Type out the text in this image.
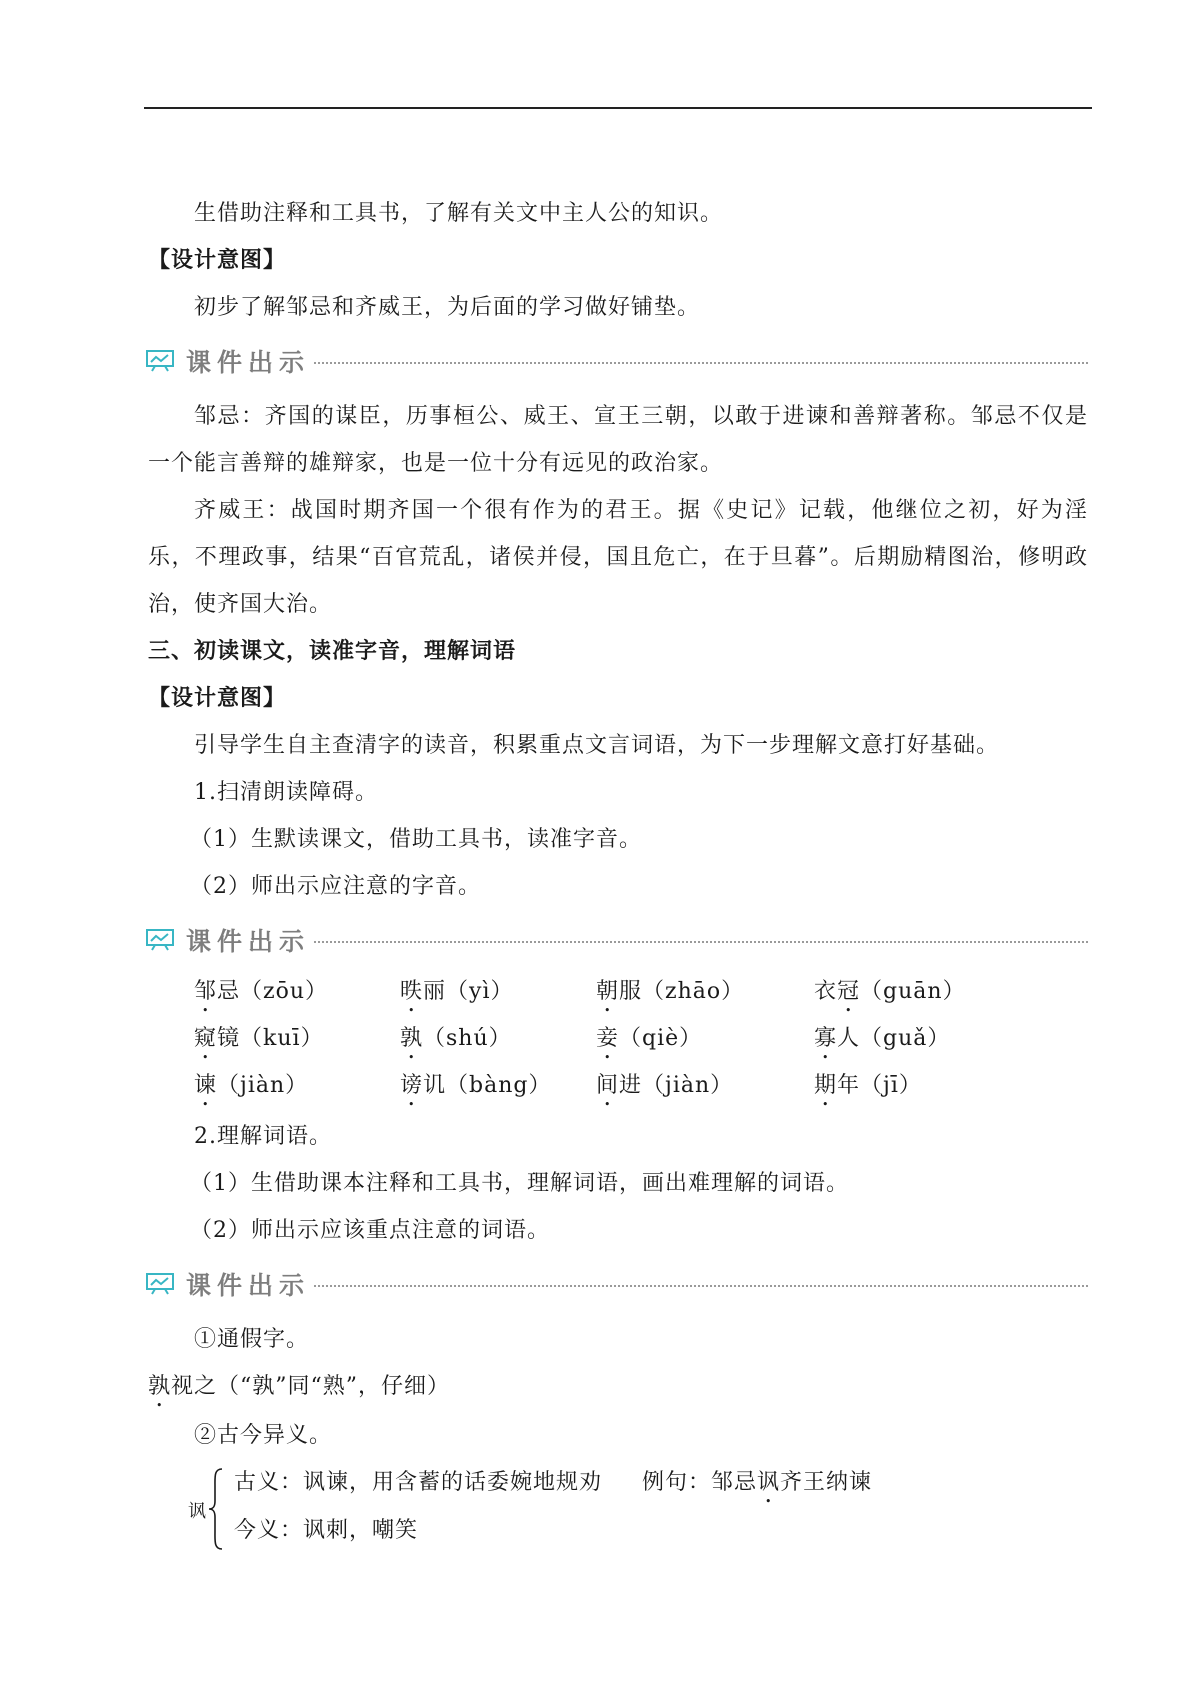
生借助注释和工具书，了解有关文中主人公的知识。

【设计意图】

初步了解邹忌和齐威王，为后面的学习做好铺垫。

课件出示

邹忌：齐国的谋臣，历事桓公、威王、宣王三朝，以敢于进谏和善辩著称。邹忌不仅是一个能言善辩的雄辩家，也是一位十分有远见的政治家。

齐威王：战国时期齐国一个很有作为的君王。据《史记》记载，他继位之初，好为淫乐，不理政事，结果“百官荒乱，诸侯并侵，国且危亡，在于旦暮”。后期励精图治，修明政治，使齐国大治。

三、初读课文，读准字音，理解词语

【设计意图】

引导学生自主查清字的读音，积累重点文言词语，为下一步理解文意打好基础。

1.扫清朗读障碍。

（1）生默读课文，借助工具书，读准字音。

（2）师出示应注意的字音。

课件出示
邹忌（zōu）	昳丽（yì）	朝服（zhāo）	衣冠（guān）
窥镜（kuī）	孰（shú）	妾（qiè）	寡人（guǎ）
谏（jiàn）	谤讥（bàng）	间进（jiàn）	期年（jī）

2.理解词语。

（1）生借助课本注释和工具书，理解词语，画出难理解的词语。

（2）师出示应该重点注意的词语。

课件出示

①通假字。

孰视之（“孰”同“熟”，仔细）

②古今异义。

讽
古义：讽谏，用含蓄的话委婉地规劝 例句：邹忌讽齐王纳谏
今义：讽刺，嘲笑
